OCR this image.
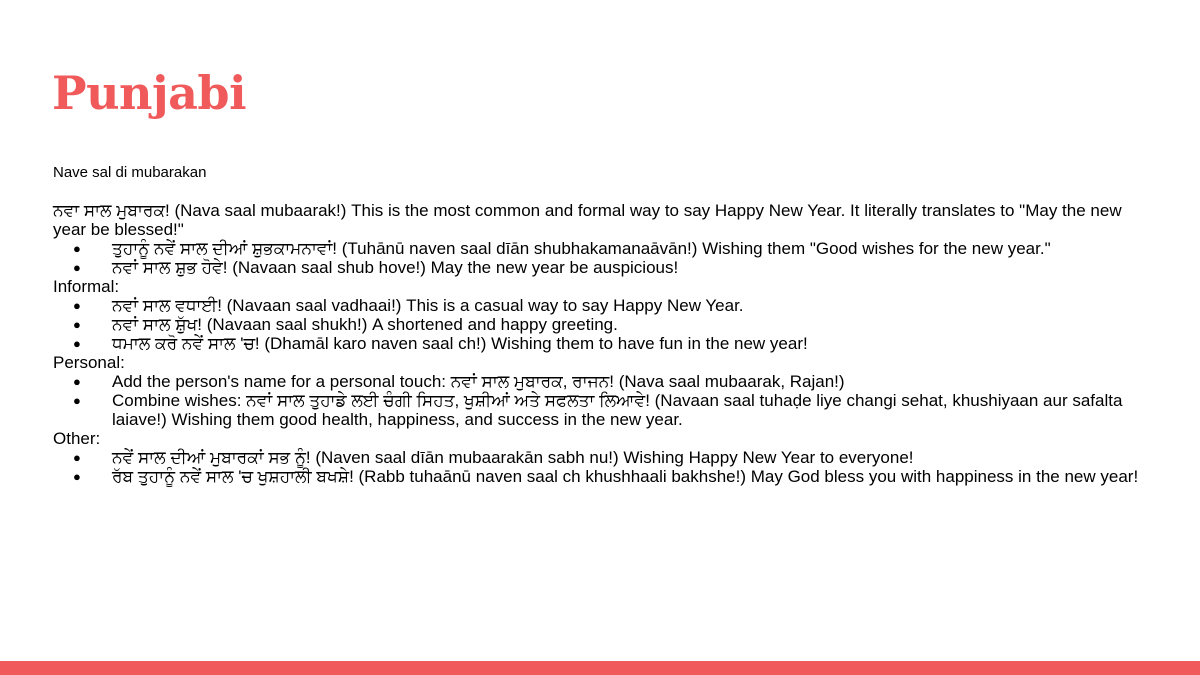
Punjabi

Nave sal di mubarakan

ਨਵਾ ਸਾਲ ਮੁਬਾਰਕ! (Nava saal mubaarak!) This is the most common and formal way to say Happy New Year. It literally translates to "May the new year be blessed!"

● ਤੁਹਾਨੂੰ ਨਵੇਂ ਸਾਲ ਦੀਆਂ ਸ਼ੁਭਕਾਮਨਾਵਾਂ! (Tuhānū naven saal dīān shubhakamanaāvān!) Wishing them "Good wishes for the new year."
● ਨਵਾਂ ਸਾਲ ਸ਼ੁਭ ਹੋਵੇ! (Navaan saal shub hove!) May the new year be auspicious!

Informal:

● ਨਵਾਂ ਸਾਲ ਵਧਾਈ! (Navaan saal vadhaai!) This is a casual way to say Happy New Year.
● ਨਵਾਂ ਸਾਲ ਸ਼ੁੱਖ! (Navaan saal shukh!) A shortened and happy greeting.
● ਧਮਾਲ ਕਰੋ ਨਵੇਂ ਸਾਲ 'ਚ! (Dhamāl karo naven saal ch!) Wishing them to have fun in the new year!

Personal:

● Add the person's name for a personal touch: ਨਵਾਂ ਸਾਲ ਮੁਬਾਰਕ, ਰਾਜਨ! (Nava saal mubaarak, Rajan!)
● Combine wishes: ਨਵਾਂ ਸਾਲ ਤੁਹਾਡੇ ਲਈ ਚੰਗੀ ਸਿਹਤ, ਖੁਸ਼ੀਆਂ ਅਤੇ ਸਫਲਤਾ ਲਿਆਵੇ! (Navaan saal tuhaḍe liye changi sehat, khushiyaan aur safalta laiave!) Wishing them good health, happiness, and success in the new year.

Other:

● ਨਵੇਂ ਸਾਲ ਦੀਆਂ ਮੁਬਾਰਕਾਂ ਸਭ ਨੂੰ! (Naven saal dīān mubaarakān sabh nu!) Wishing Happy New Year to everyone!
● ਰੱਬ ਤੁਹਾਨੂੰ ਨਵੇਂ ਸਾਲ 'ਚ ਖੁਸ਼ਹਾਲੀ ਬਖਸ਼ੇ! (Rabb tuhaānū naven saal ch khushhaali bakhshe!) May God bless you with happiness in the new year!
